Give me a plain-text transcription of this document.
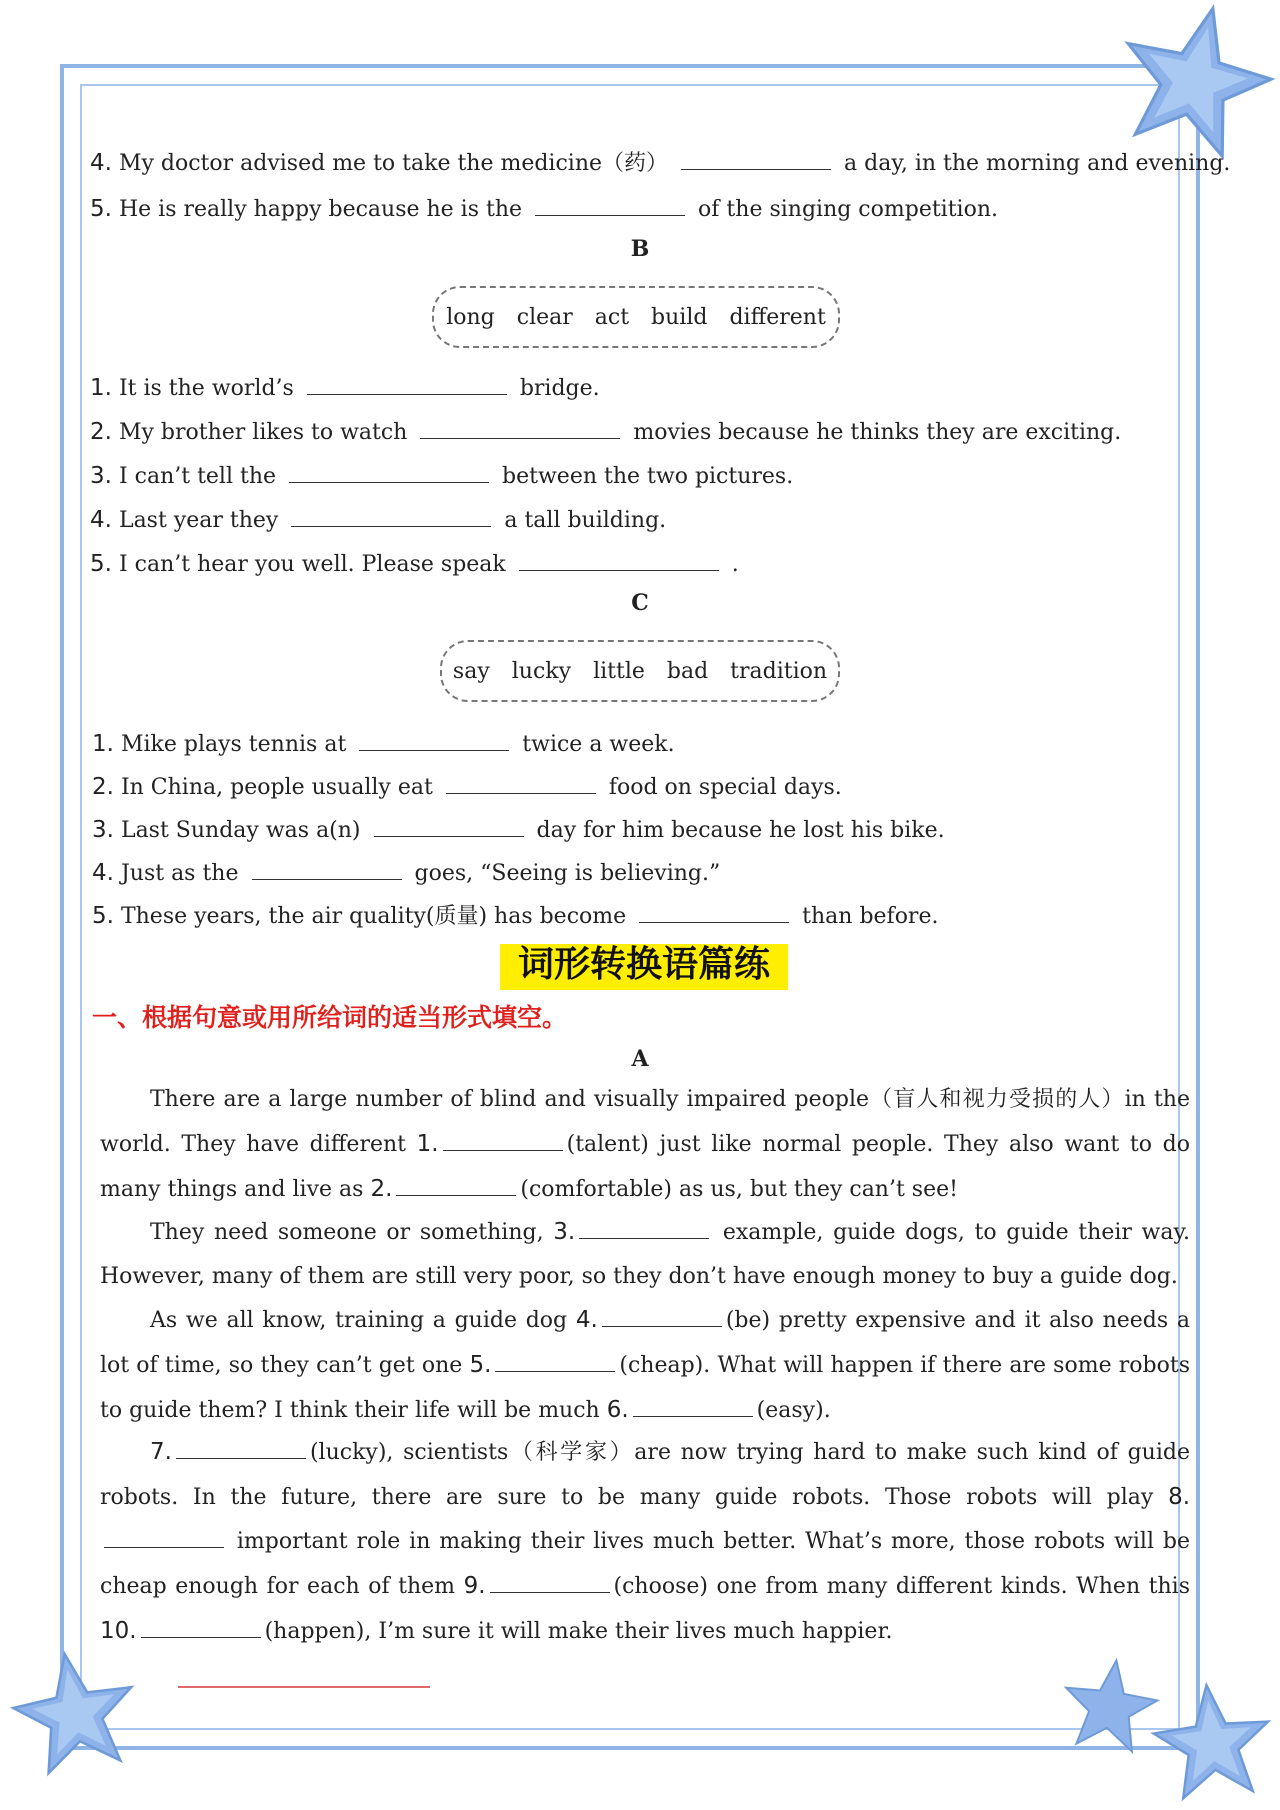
4. My doctor advised me to take the medicine（药）	a day, in the morning and evening.
5. He is really happy because he is the	of the singing competition.
B
long clear act build different
1. It is the world’s	bridge.
2. My brother likes to watch	movies because he thinks they are exciting.
3. I can’t tell the	between the two pictures.
4. Last year they	a tall building.
5. I can’t hear you well. Please speak	.
C
say lucky little bad tradition
1. Mike plays tennis at	twice a week.
2. In China, people usually eat	food on special days.
3. Last Sunday was a(n)	day for him because he lost his bike.
4. Just as the	goes, “Seeing is believing.”
5. These years, the air quality(质量) has become	than before.
词形转换语篇练
一、根据句意或用所给词的适当形式填空。
A
There are a large number of blind and visually impaired people（盲人和视力受损的人）in the world. They have different 1.	(talent) just like normal people. They also want to do many things and live as 2.	(comfortable) as us, but they can’t see!
They need someone or something, 3.	example, guide dogs, to guide their way. However, many of them are still very poor, so they don’t have enough money to buy a guide dog.
As we all know, training a guide dog 4.	(be) pretty expensive and it also needs a lot of time, so they can’t get one 5.	(cheap). What will happen if there are some robots to guide them? I think their life will be much 6.	(easy).
7.	(lucky), scientists（科学家）are now trying hard to make such kind of guide robots. In the future, there are sure to be many guide robots. Those robots will play 8. important role in making their lives much better. What’s more, those robots will be cheap enough for each of them 9.	(choose) one from many different kinds. When this 10.	(happen), I’m sure it will make their lives much happier.
